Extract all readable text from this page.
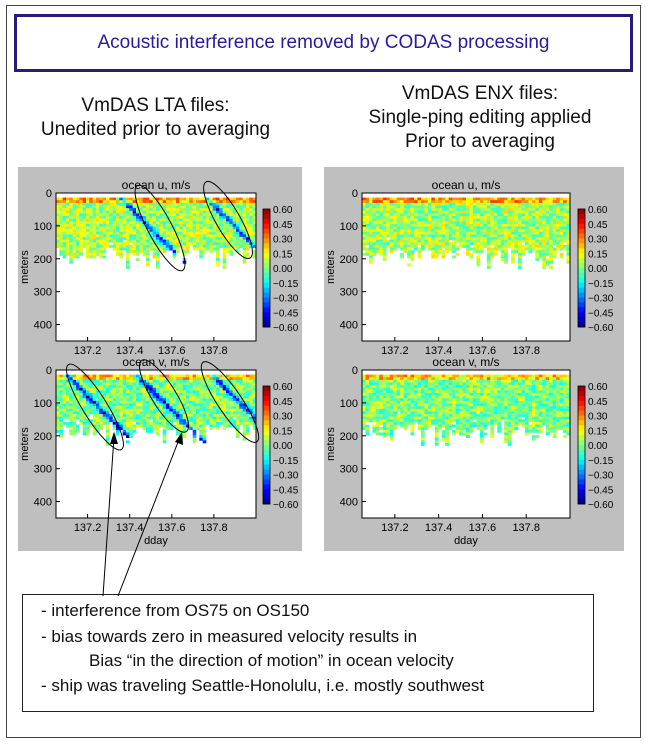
Acoustic interference removed by CODAS processing
VmDAS LTA files:
Unedited prior to averaging
VmDAS ENX files:
Single-ping editing applied
Prior to averaging
ocean u, m/s
0
100
200
300
400
137.2 137.4 137.6 137.8
meters
0.60
0.45
0.30
0.15
0.00
−0.15
−0.30
−0.45
−0.60
ocean v, m/s
0
100
200
300
400
137.2 137.4 137.6 137.8
meters
dday
0.60
0.45
0.30
0.15
0.00
−0.15
−0.30
−0.45
−0.60
ocean u, m/s
0
100
200
300
400
137.2 137.4 137.6 137.8
meters
0.60
0.45
0.30
0.15
0.00
−0.15
−0.30
−0.45
−0.60
ocean v, m/s
0
100
200
300
400
137.2 137.4 137.6 137.8
meters
dday
0.60
0.45
0.30
0.15
0.00
−0.15
−0.30
−0.45
−0.60
- interference from OS75 on OS150
- bias towards zero in measured velocity results in
Bias “in the direction of motion” in ocean velocity
- ship was traveling Seattle-Honolulu, i.e. mostly southwest
